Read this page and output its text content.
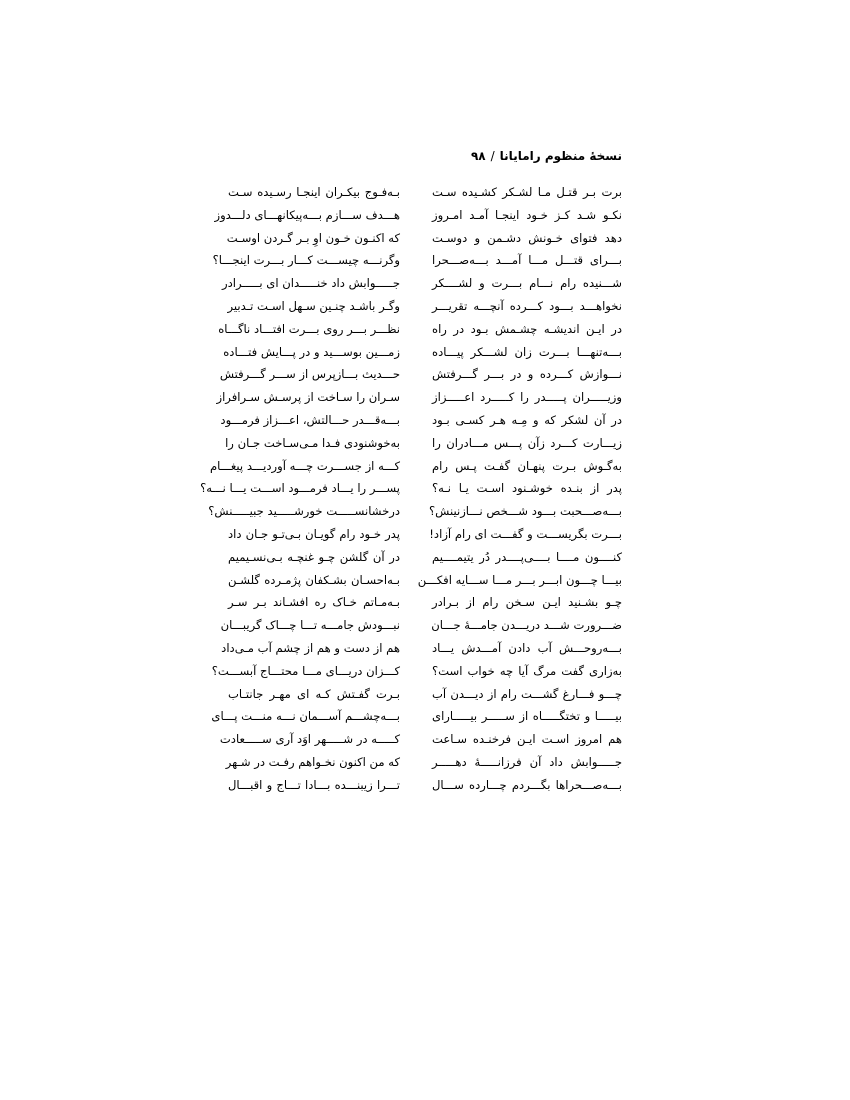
نسخهٔ منظوم رامایانا/۹۸
برت بـر قتـل مـا لشـکر کشـیده سـت
نکـو شـد کـز خـود اینجـا آمـد امـروز
دهد فتوای خـونش دشـمن و دوسـت
بـــرای قتـــل مـــا آمـــد بـــه‌صـــحرا
شـــنیده رام نـــام بـــرت و لشــــکر
نخواهـــد بـــود کـــرده آنچـــه تقریـــر
در ایـن اندیشـه چشـمش بـود در راه
بـــه‌تنهـــا بـــرت زان لشـــکر پیـــاده
نـــوازش کـــرده و در بـــر گـــرفتش
وزیـــــران پـــــدر را کـــــرد اعـــــزاز
در آن لشکر که و مِـه هـر کسـی بـود
زیـــارت کـــرد زآن پـــس مـــادران را
به‌گـوش بـرت پنهـان گفـت پـس رام
پدر از بنـده خوشـنود اسـت یـا نـه؟
بـــه‌صـــحبت بـــود شـــخص نـــازنینش؟
بـــرت بگریســـت و گفـــت ای رام آزاد!
کنــــون مــــا بــــی‌پــــدر دُر یتیمــــیم
بیـــا چـــون ابـــر بـــر مـــا ســـایه افکـــن
چـو بشـنید ایـن سـخن رام از بـرادر
ضـــرورت شـــد دریـــدن جامـــهٔ جـــان
بـــه‌روحـــش آب دادن آمـــدش یـــاد
به‌زاری گفت مرگ آیا چه خواب است؟
چـــو فـــارغ گشـــت رام از دیـــدن آب
بیـــــا و تختگـــــاه از ســـــر بیـــــارای
هم امروز اسـت ایـن فرخنـده سـاعت
جـــــوابش داد آن فرزانـــــهٔ دهـــــر
بـــه‌صـــحراها بگـــردم چـــارده ســـال
بـه‌فـوج بیکـران اینجـا رسـیده سـت
هـــدف ســـازم بـــه‌پیکانهـــای دلـــدوز
که اکنـون خـون اوِ بـر گـردن اوسـت
وگرنـــه چیســـت کـــار بـــرت اینجـــا؟
جـــــوابش داد خنـــــدان ای بـــــرادر
وگـر باشـد چنـین سـهل اسـت تـدبیر
نظـــر بـــر روی بـــرت افتـــاد ناگـــاه
زمـــین بوســـید و در پـــایش فتـــاده
حـــدیث بـــازپرس از ســـر گـــرفتش
سـران را سـاخت از پرسـش سـرافراز
بـــه‌قـــدر حـــالتش، اعـــزاز فرمـــود
به‌خوشنودی فـدا مـی‌سـاخت جـان را
کـــه از جســـرت چـــه آوردیـــد پیغـــام
پســـر را یـــاد فرمـــود اســـت یـــا نـــه؟
درخشانســـــت خورشـــــید جبیـــــنش؟
پدر خـود رام گویـان بـی‌تـو جـان داد
در آن گلشن چـو غنچـه بـی‌نسـیمیم
بـه‌احسـان بشـکفان پژمـرده گلشـن
بـه‌مـاتم خـاک ره افشـاند بـر سـر
نبـــودش جامـــه تـــا چـــاک گریبـــان
هم از دست و هم از چشم آب مـی‌داد
کـــزان دریـــای مـــا محتـــاج آبســـت؟
بـرت گفـتش کـه ای مهـر جانتـاب
بـــه‌چشـــم آســـمان نـــه منـــت پـــای
کـــــه در شـــــهر اوَد آری ســـــعادت
که من اکنون نخـواهم رفـت در شـهر
تـــرا زیبنـــده بـــادا تـــاج و اقبـــال
